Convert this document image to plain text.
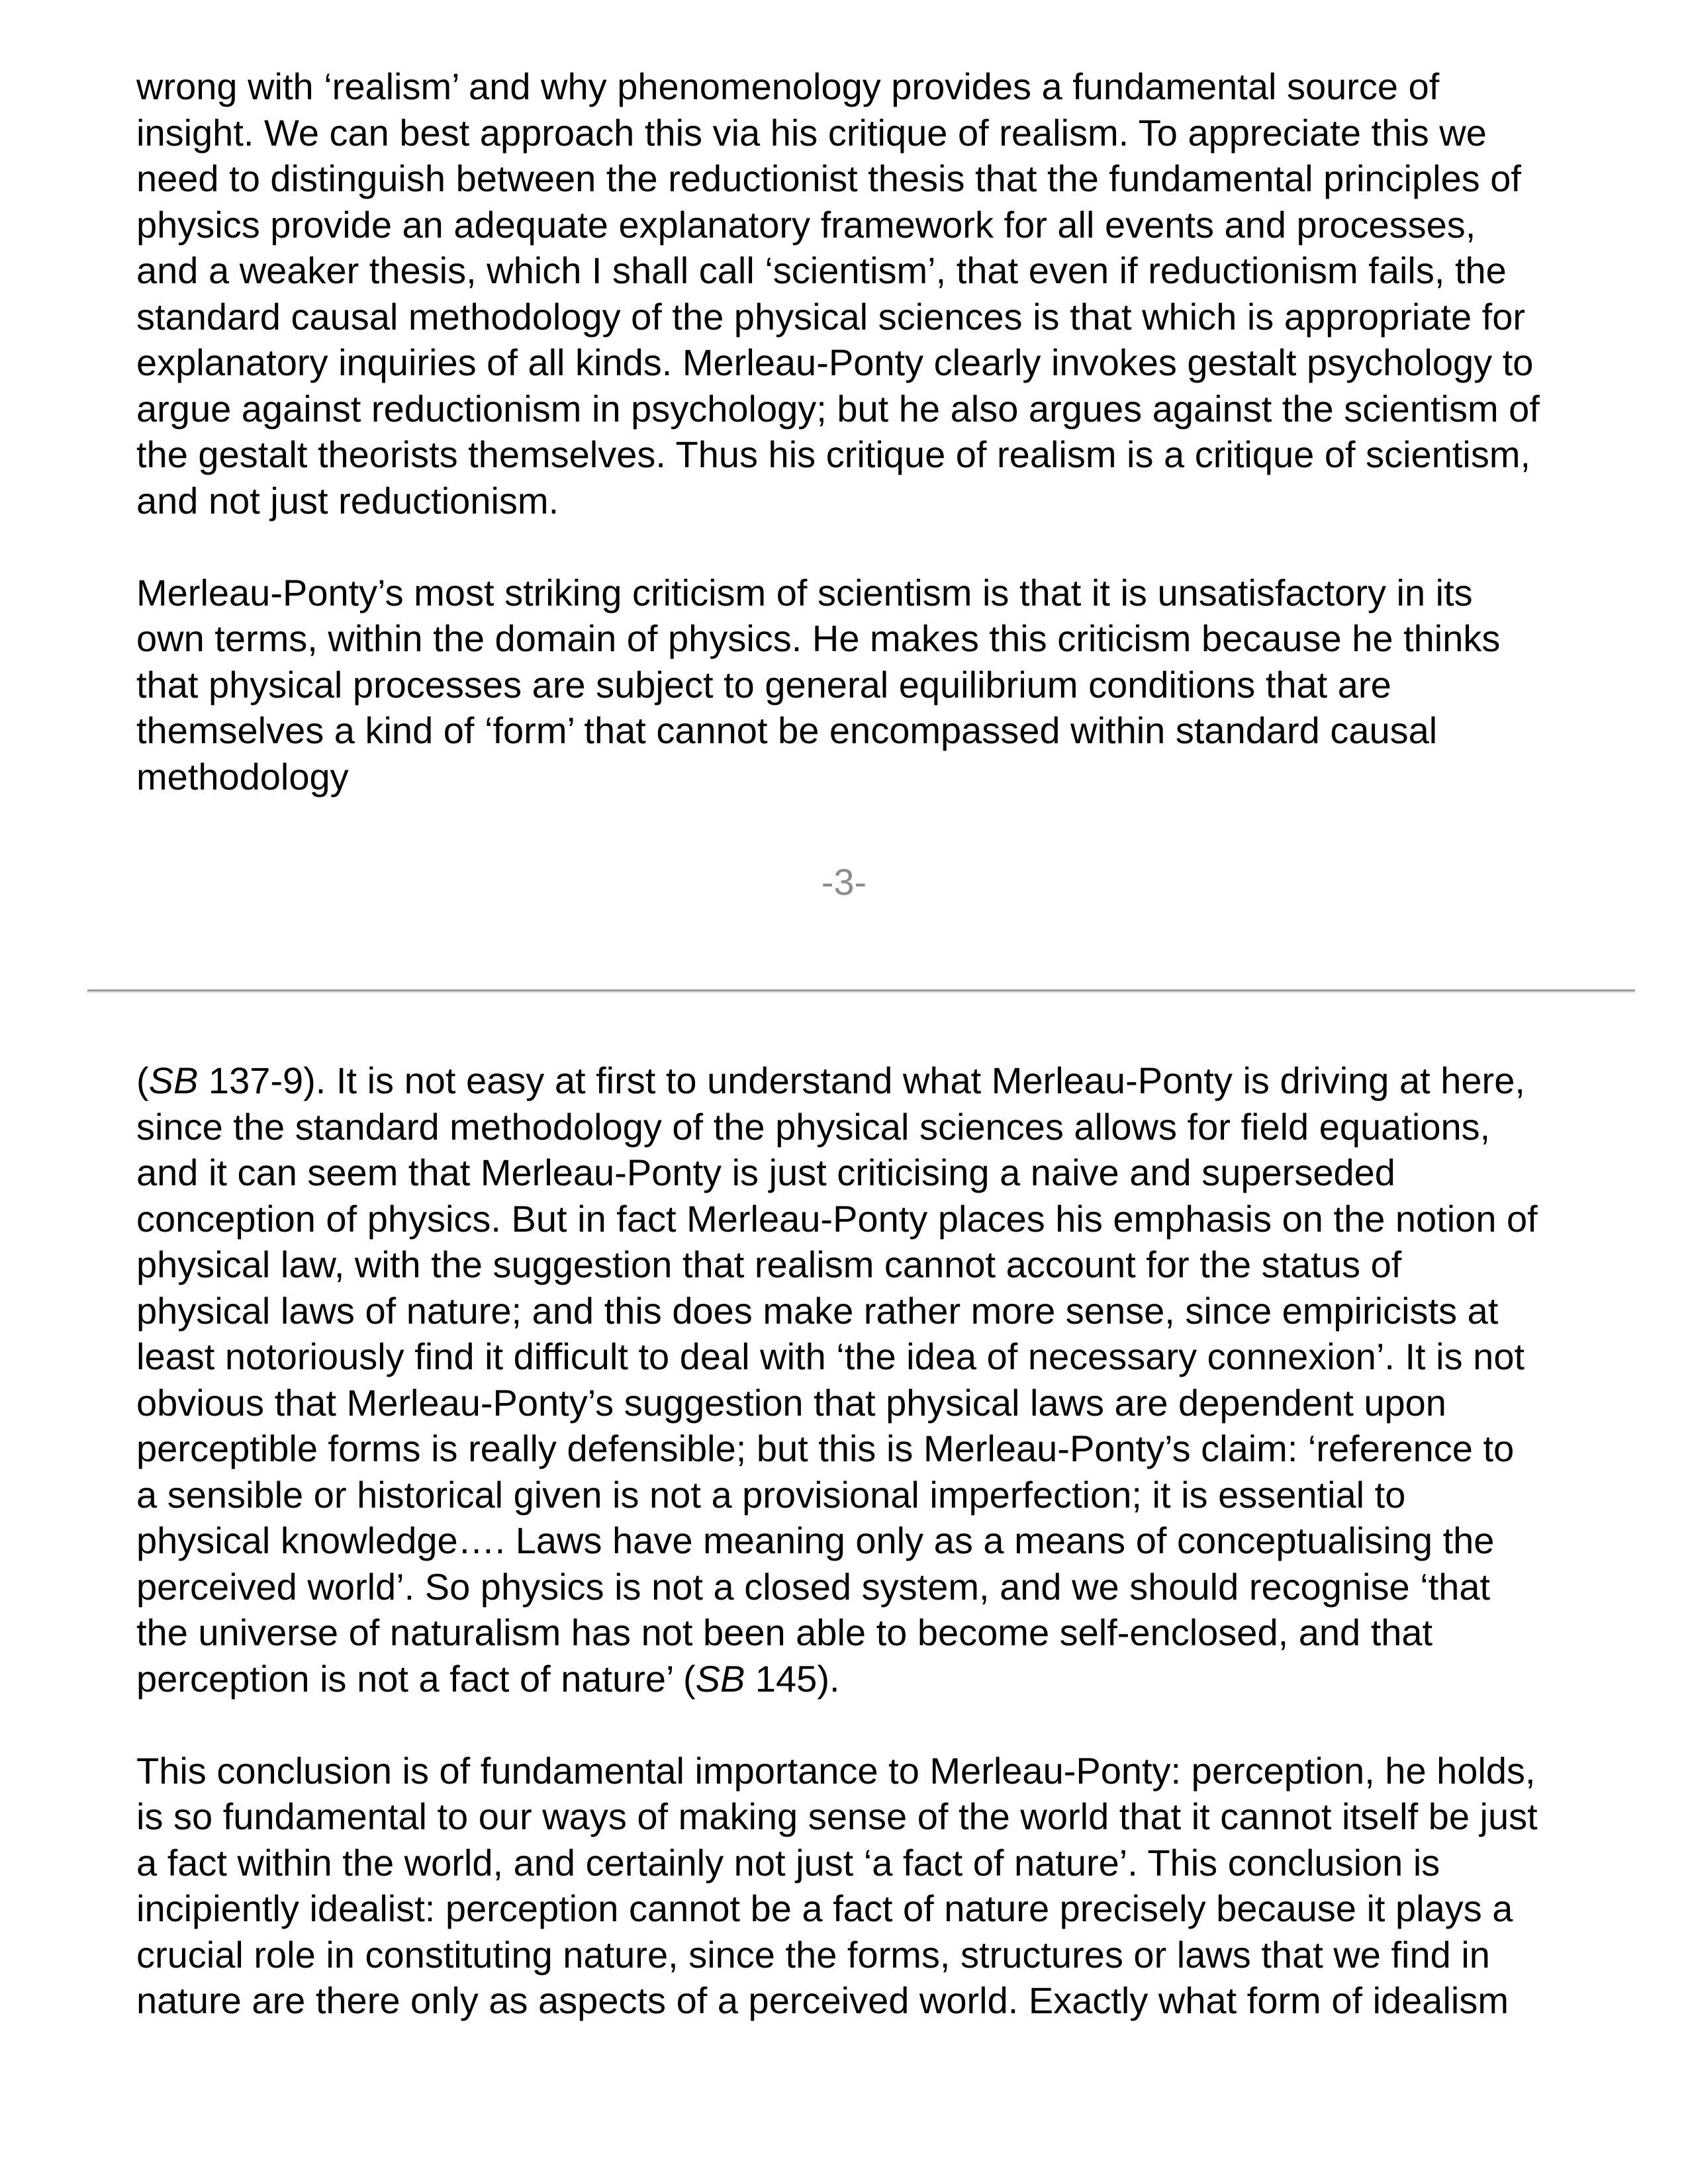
wrong with ‘realism’ and why phenomenology provides a fundamental source of
insight. We can best approach this via his critique of realism. To appreciate this we
need to distinguish between the reductionist thesis that the fundamental principles of
physics provide an adequate explanatory framework for all events and processes,
and a weaker thesis, which I shall call ‘scientism’, that even if reductionism fails, the
standard causal methodology of the physical sciences is that which is appropriate for
explanatory inquiries of all kinds. Merleau-Ponty clearly invokes gestalt psychology to
argue against reductionism in psychology; but he also argues against the scientism of
the gestalt theorists themselves. Thus his critique of realism is a critique of scientism,
and not just reductionism.

Merleau-Ponty’s most striking criticism of scientism is that it is unsatisfactory in its
own terms, within the domain of physics. He makes this criticism because he thinks
that physical processes are subject to general equilibrium conditions that are
themselves a kind of ‘form’ that cannot be encompassed within standard causal
methodology

-3-

(SB 137-9). It is not easy at first to understand what Merleau-Ponty is driving at here,
since the standard methodology of the physical sciences allows for field equations,
and it can seem that Merleau-Ponty is just criticising a naive and superseded
conception of physics. But in fact Merleau-Ponty places his emphasis on the notion of
physical law, with the suggestion that realism cannot account for the status of
physical laws of nature; and this does make rather more sense, since empiricists at
least notoriously find it difficult to deal with ‘the idea of necessary connexion’. It is not
obvious that Merleau-Ponty’s suggestion that physical laws are dependent upon
perceptible forms is really defensible; but this is Merleau-Ponty’s claim: ‘reference to
a sensible or historical given is not a provisional imperfection; it is essential to
physical knowledge…. Laws have meaning only as a means of conceptualising the
perceived world’. So physics is not a closed system, and we should recognise ‘that
the universe of naturalism has not been able to become self-enclosed, and that
perception is not a fact of nature’ (SB 145).

This conclusion is of fundamental importance to Merleau-Ponty: perception, he holds,
is so fundamental to our ways of making sense of the world that it cannot itself be just
a fact within the world, and certainly not just ‘a fact of nature’. This conclusion is
incipiently idealist: perception cannot be a fact of nature precisely because it plays a
crucial role in constituting nature, since the forms, structures or laws that we find in
nature are there only as aspects of a perceived world. Exactly what form of idealism
